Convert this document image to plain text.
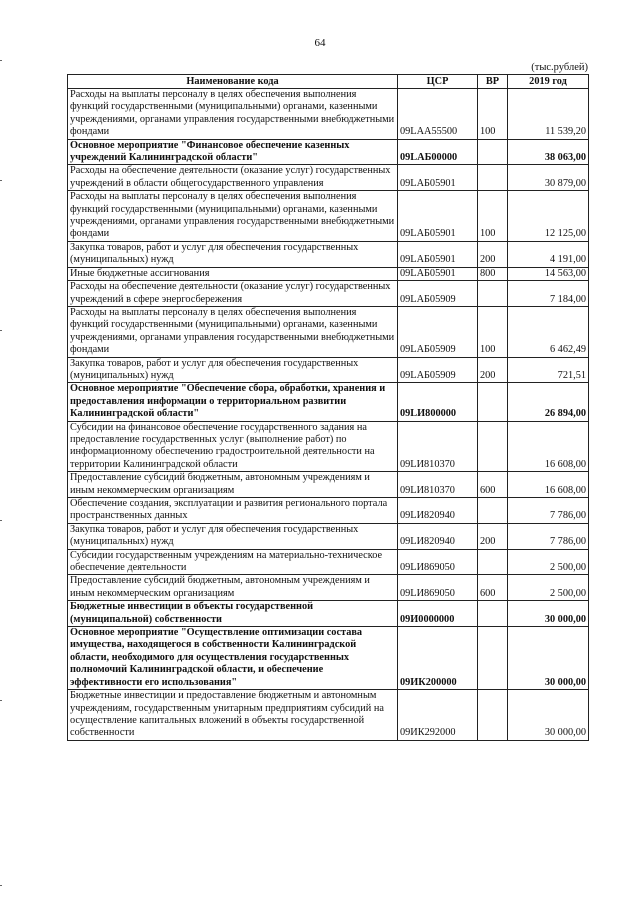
64
(тыс.рублей)
Наименование кода	ЦСР	ВР	2019 год
Расходы на выплаты персоналу в целях обеспечения выполнения функций государственными (муниципальными) органами, казенными учреждениями, органами управления государственными внебюджетными фондами	09LAA55500	100	11 539,20
Основное мероприятие "Финансовое обеспечение казенных учреждений Калининградской области"	09LAБ00000		38 063,00
Расходы на обеспечение деятельности (оказание услуг) государственных учреждений в области общегосударственного управления	09LAБ05901		30 879,00
Расходы на выплаты персоналу в целях обеспечения выполнения функций государственными (муниципальными) органами, казенными учреждениями, органами управления государственными внебюджетными фондами	09LAБ05901	100	12 125,00
Закупка товаров, работ и услуг для обеспечения государственных (муниципальных) нужд	09LAБ05901	200	4 191,00
Иные бюджетные ассигнования	09LAБ05901	800	14 563,00
Расходы на обеспечение деятельности (оказание услуг) государственных учреждений в сфере энергосбережения	09LAБ05909		7 184,00
Расходы на выплаты персоналу в целях обеспечения выполнения функций государственными (муниципальными) органами, казенными учреждениями, органами управления государственными внебюджетными фондами	09LAБ05909	100	6 462,49
Закупка товаров, работ и услуг для обеспечения государственных (муниципальных) нужд	09LAБ05909	200	721,51
Основное мероприятие "Обеспечение сбора, обработки, хранения и предоставления информации о территориальном развитии Калининградской области"	09LИ800000		26 894,00
Субсидии на финансовое обеспечение государственного задания на предоставление государственных услуг (выполнение работ) по информационному обеспечению градостроительной деятельности на территории Калининградской области	09LИ810370		16 608,00
Предоставление субсидий бюджетным, автономным учреждениям и иным некоммерческим организациям	09LИ810370	600	16 608,00
Обеспечение создания, эксплуатации и развития регионального портала пространственных данных	09LИ820940		7 786,00
Закупка товаров, работ и услуг для обеспечения государственных (муниципальных) нужд	09LИ820940	200	7 786,00
Субсидии государственным учреждениям на материально-техническое обеспечение деятельности	09LИ869050		2 500,00
Предоставление субсидий бюджетным, автономным учреждениям и иным некоммерческим организациям	09LИ869050	600	2 500,00
Бюджетные инвестиции в объекты государственной (муниципальной) собственности	09И0000000		30 000,00
Основное мероприятие "Осуществление оптимизации состава имущества, находящегося в собственности Калининградской области, необходимого для осуществления государственных полномочий Калининградской области, и обеспечение эффективности его использования"	09ИК200000		30 000,00
Бюджетные инвестиции и предоставление бюджетным и автономным учреждениям, государственным унитарным предприятиям субсидий на осуществление капитальных вложений в объекты государственной собственности	09ИК292000		30 000,00
